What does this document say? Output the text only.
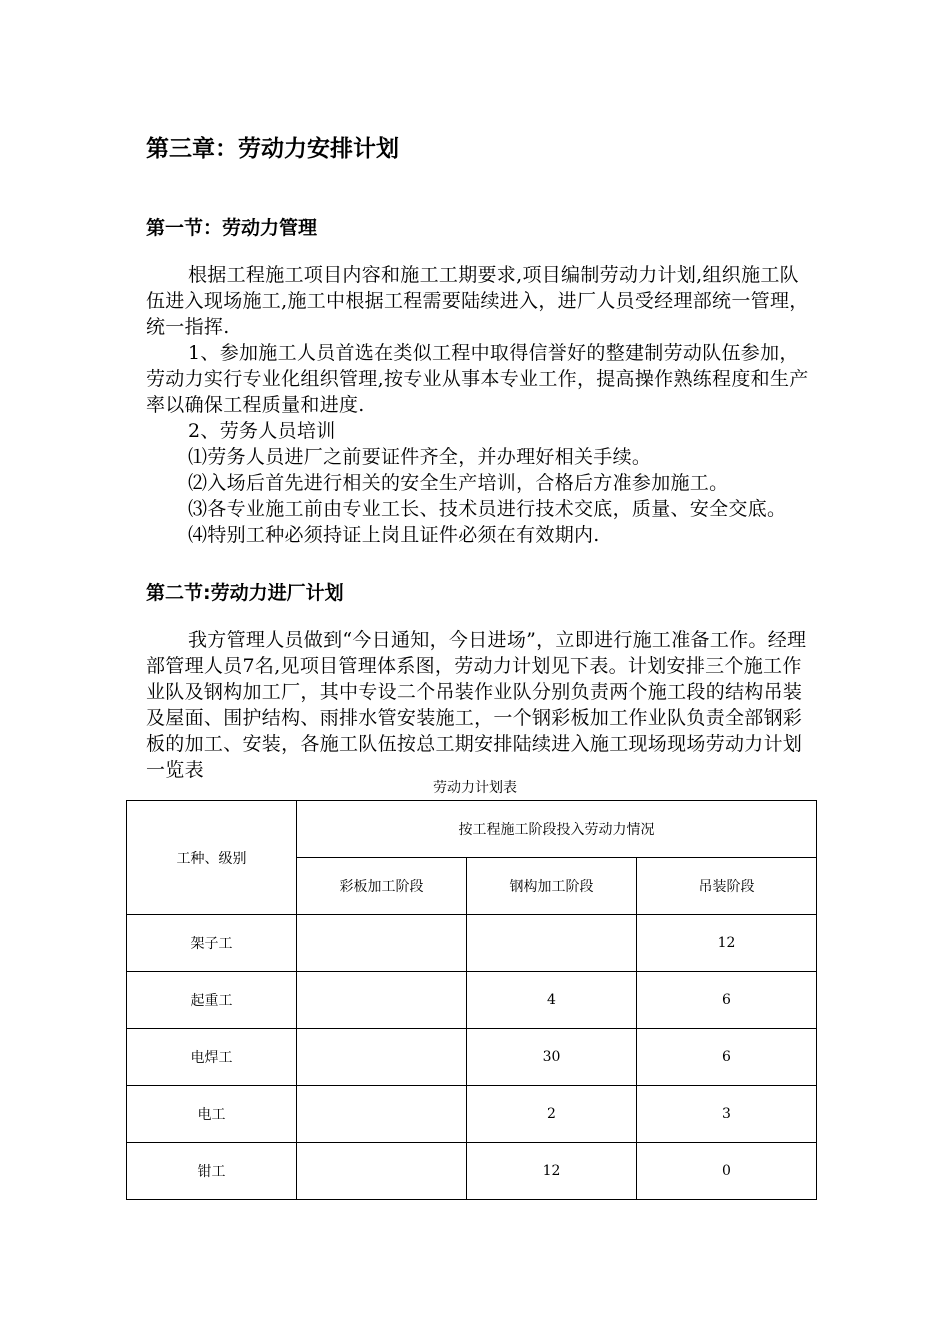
第三章：劳动力安排计划
第一节：劳动力管理

根据工程施工项目内容和施工工期要求,项目编制劳动力计划,组织施工队伍进入现场施工,施工中根据工程需要陆续进入，进厂人员受经理部统一管理，统一指挥.

1、参加施工人员首选在类似工程中取得信誉好的整建制劳动队伍参加，劳动力实行专业化组织管理,按专业从事本专业工作，提高操作熟练程度和生产率以确保工程质量和进度.

2、劳务人员培训

⑴劳务人员进厂之前要证件齐全，并办理好相关手续。

⑵入场后首先进行相关的安全生产培训，合格后方准参加施工。

⑶各专业施工前由专业工长、技术员进行技术交底，质量、安全交底。

⑷特别工种必须持证上岗且证件必须在有效期内.

第二节:劳动力进厂计划

我方管理人员做到“今日通知，今日进场”，立即进行施工准备工作。经理部管理人员7名,见项目管理体系图，劳动力计划见下表。计划安排三个施工作业队及钢构加工厂，其中专设二个吊装作业队分别负责两个施工段的结构吊装及屋面、围护结构、雨排水管安装施工，一个钢彩板加工作业队负责全部钢彩板的加工、安装，各施工队伍按总工期安排陆续进入施工现场现场劳动力计划一览表

劳动力计划表
工种、级别	按工程施工阶段投入劳动力情况		
	彩板加工阶段	钢构加工阶段	吊装阶段
架子工			12
起重工		4	6
电焊工		30	6
电工		2	3
钳工		12	0
